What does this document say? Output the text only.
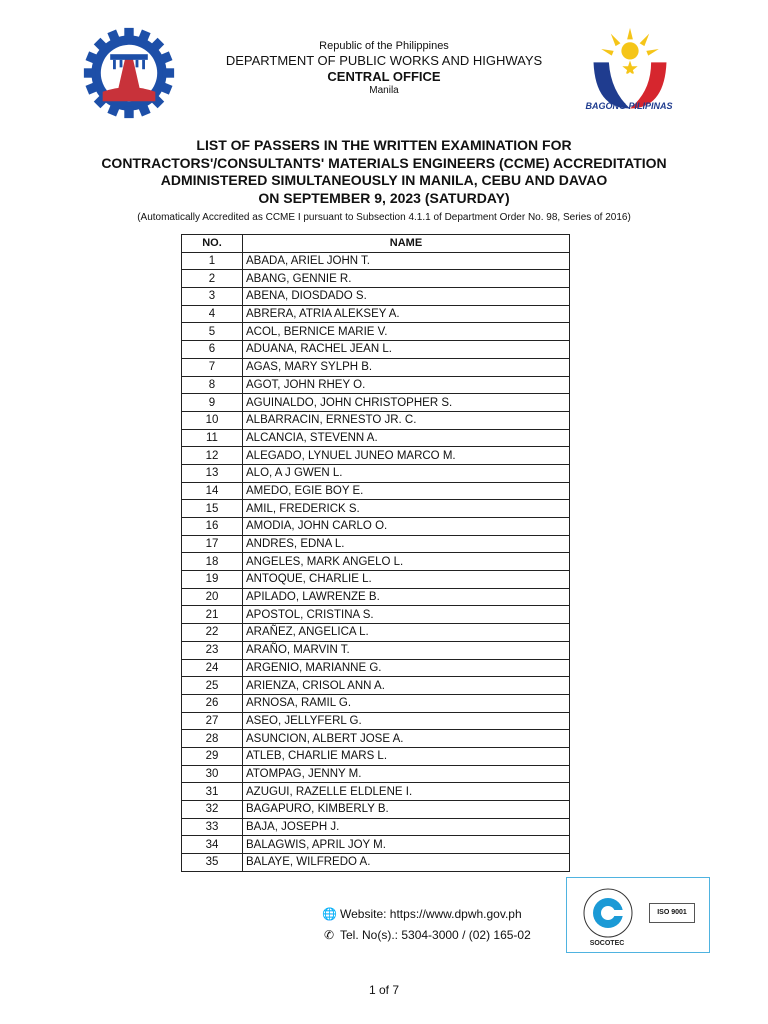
BAGONG PILIPINAS
Republic of the Philippines
DEPARTMENT OF PUBLIC WORKS AND HIGHWAYS
CENTRAL OFFICE
Manila
LIST OF PASSERS IN THE WRITTEN EXAMINATION FOR
CONTRACTORS'/CONSULTANTS' MATERIALS ENGINEERS (CCME) ACCREDITATION
ADMINISTERED SIMULTANEOUSLY IN MANILA, CEBU AND DAVAO
ON SEPTEMBER 9, 2023 (SATURDAY)
(Automatically Accredited as CCME I pursuant to Subsection 4.1.1 of Department Order No. 98, Series of 2016)
NO.	NAME
1	ABADA, ARIEL JOHN T.
2	ABANG, GENNIE R.
3	ABENA, DIOSDADO S.
4	ABRERA, ATRIA ALEKSEY A.
5	ACOL, BERNICE MARIE V.
6	ADUANA, RACHEL JEAN L.
7	AGAS, MARY SYLPH B.
8	AGOT, JOHN RHEY O.
9	AGUINALDO, JOHN CHRISTOPHER S.
10	ALBARRACIN, ERNESTO JR. C.
11	ALCANCIA, STEVENN A.
12	ALEGADO, LYNUEL JUNEO MARCO M.
13	ALO, A J GWEN L.
14	AMEDO, EGIE BOY E.
15	AMIL, FREDERICK S.
16	AMODIA, JOHN CARLO O.
17	ANDRES, EDNA L.
18	ANGELES, MARK ANGELO L.
19	ANTOQUE, CHARLIE L.
20	APILADO, LAWRENZE B.
21	APOSTOL, CRISTINA S.
22	ARAÑEZ, ANGELICA L.
23	ARAÑO, MARVIN T.
24	ARGENIO, MARIANNE G.
25	ARIENZA, CRISOL ANN A.
26	ARNOSA, RAMIL G.
27	ASEO, JELLYFERL G.
28	ASUNCION, ALBERT JOSE A.
29	ATLEB, CHARLIE MARS L.
30	ATOMPAG, JENNY M.
31	AZUGUI, RAZELLE ELDLENE I.
32	BAGAPURO, KIMBERLY B.
33	BAJA, JOSEPH J.
34	BALAGWIS, APRIL JOY M.
35	BALAYE, WILFREDO A.
🌐 Website: https://www.dpwh.gov.ph
✆ Tel. No(s).: 5304-3000 / (02) 165-02
ISO 9001
SOCOTEC
1 of 7
